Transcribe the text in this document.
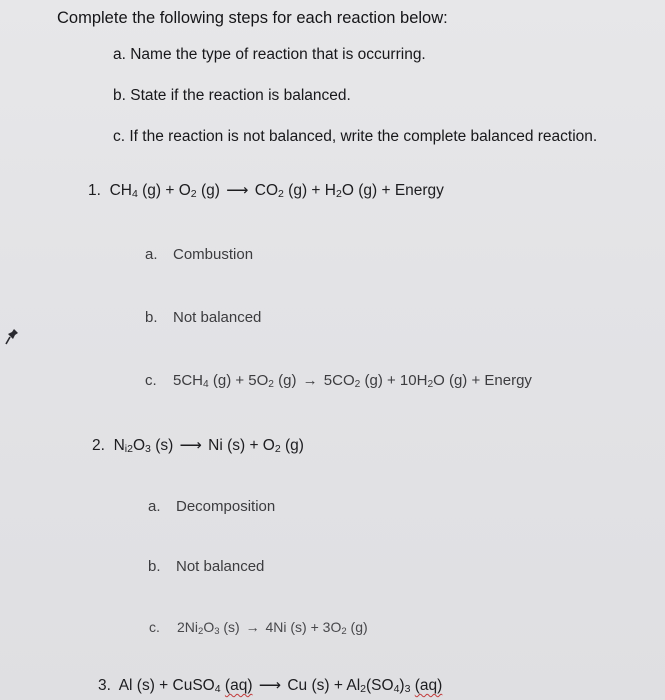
Complete the following steps for each reaction below:
a. Name the type of reaction that is occurring.
b. State if the reaction is balanced.
c. If the reaction is not balanced, write the complete balanced reaction.
1. $CH_4$ $(g) + O_2$ (g) ⟶ $CO_2$ $(g) + H_2O$ (g) + Energy
a. Combustion
b. Not balanced
c. $5CH_4$ $(g) + 5O_2$ $(g) \to 5CO_2$ $(g) + 10H_2O$ (g) + Energy
2. $N_{i2}O_3$ (s) ⟶ Ni $(s) + O_2$ (g)
a. Decomposition
b. Not balanced
c. $2Ni_2O_3$ (s) → 4Ni $(s) + 3O_2$ (g)
3. Al (s) + CuSO$_4$ (aq) ⟶ Cu $(s) + Al_2(SO_4)_3$ (aq)
